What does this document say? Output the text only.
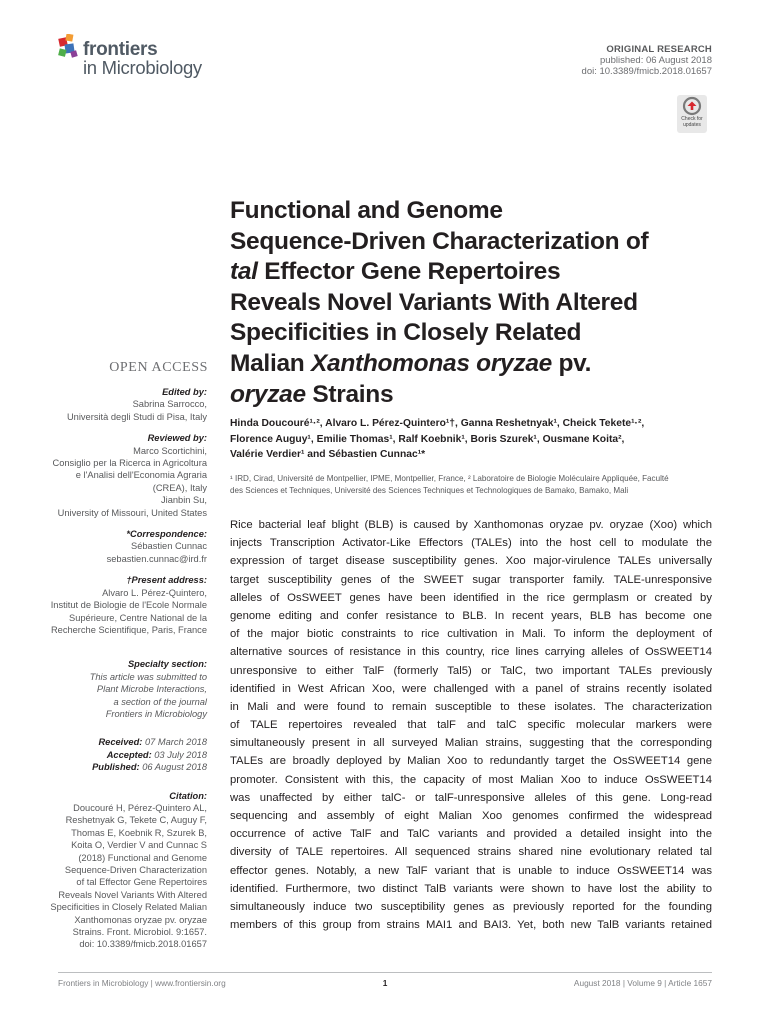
frontiers
in Microbiology
ORIGINAL RESEARCH
published: 06 August 2018
doi: 10.3389/fmicb.2018.01657
Check for updates
OPEN ACCESS
Edited by:
Sabrina Sarrocco,
Università degli Studi di Pisa, Italy
Reviewed by:
Marco Scortichini,
Consiglio per la Ricerca in Agricoltura
e l'Analisi dell'Economia Agraria
(CREA), Italy
Jianbin Su,
University of Missouri, United States
*Correspondence:
Sébastien Cunnac
sebastien.cunnac@ird.fr
†Present address:
Alvaro L. Pérez-Quintero,
Institut de Biologie de l'Ecole Normale
Supérieure, Centre National de la
Recherche Scientifique, Paris, France
Specialty section:
This article was submitted to
Plant Microbe Interactions,
a section of the journal
Frontiers in Microbiology
Received: 07 March 2018
Accepted: 03 July 2018
Published: 06 August 2018
Citation:
Doucouré H, Pérez-Quintero AL,
Reshetnyak G, Tekete C, Auguy F,
Thomas E, Koebnik R, Szurek B,
Koita O, Verdier V and Cunnac S
(2018) Functional and Genome
Sequence-Driven Characterization
of tal Effector Gene Repertoires
Reveals Novel Variants With Altered
Specificities in Closely Related Malian
Xanthomonas oryzae pv. oryzae
Strains. Front. Microbiol. 9:1657.
doi: 10.3389/fmicb.2018.01657
Functional and Genome
Sequence-Driven Characterization of
tal Effector Gene Repertoires
Reveals Novel Variants With Altered
Specificities in Closely Related
Malian Xanthomonas oryzae pv.
oryzae Strains
Hinda Doucouré¹·², Alvaro L. Pérez-Quintero¹†, Ganna Reshetnyak¹, Cheick Tekete¹·²,
Florence Auguy¹, Emilie Thomas¹, Ralf Koebnik¹, Boris Szurek¹, Ousmane Koita²,
Valérie Verdier¹ and Sébastien Cunnac¹*
¹ IRD, Cirad, Université de Montpellier, IPME, Montpellier, France, ² Laboratoire de Biologie Moléculaire Appliquée, Faculté
des Sciences et Techniques, Université des Sciences Techniques et Technologiques de Bamako, Bamako, Mali
Rice bacterial leaf blight (BLB) is caused by Xanthomonas oryzae pv. oryzae (Xoo) which
injects Transcription Activator-Like Effectors (TALEs) into the host cell to modulate the
expression of target disease susceptibility genes. Xoo major-virulence TALEs universally
target susceptibility genes of the SWEET sugar transporter family. TALE-unresponsive
alleles of OsSWEET genes have been identified in the rice germplasm or created by
genome editing and confer resistance to BLB. In recent years, BLB has become one
of the major biotic constraints to rice cultivation in Mali. To inform the deployment of
alternative sources of resistance in this country, rice lines carrying alleles of OsSWEET14
unresponsive to either TalF (formerly Tal5) or TalC, two important TALEs previously
identified in West African Xoo, were challenged with a panel of strains recently isolated
in Mali and were found to remain susceptible to these isolates. The characterization
of TALE repertoires revealed that talF and talC specific molecular markers were
simultaneously present in all surveyed Malian strains, suggesting that the corresponding
TALEs are broadly deployed by Malian Xoo to redundantly target the OsSWEET14 gene
promoter. Consistent with this, the capacity of most Malian Xoo to induce OsSWEET14
was unaffected by either talC- or talF-unresponsive alleles of this gene. Long-read
sequencing and assembly of eight Malian Xoo genomes confirmed the widespread
occurrence of active TalF and TalC variants and provided a detailed insight into the
diversity of TALE repertoires. All sequenced strains shared nine evolutionary related tal
effector genes. Notably, a new TalF variant that is unable to induce OsSWEET14 was
identified. Furthermore, two distinct TalB variants were shown to have lost the ability to
simultaneously induce two susceptibility genes as previously reported for the founding
members of this group from strains MAI1 and BAI3. Yet, both new TalB variants retained
Frontiers in Microbiology | www.frontiersin.org	1	August 2018 | Volume 9 | Article 1657
